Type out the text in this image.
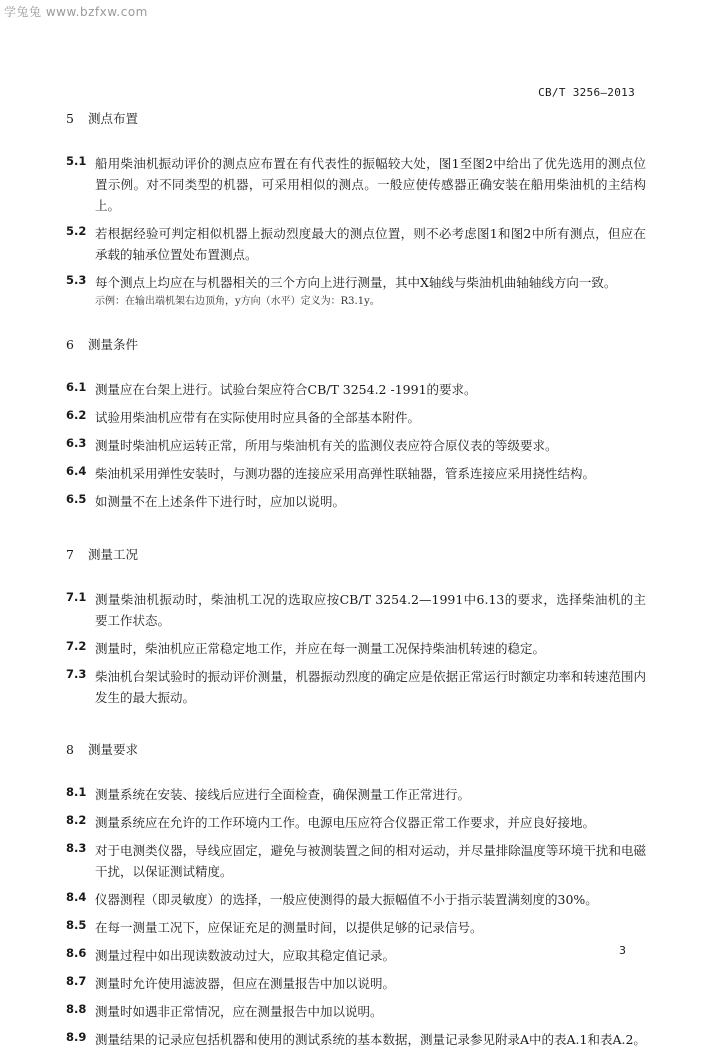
学兔兔 www.bzfxw.com
CB/T 3256—2013
5 测点布置
5.1 船用柴油机振动评价的测点应布置在有代表性的振幅较大处，图1至图2中给出了优先选用的测点位置示例。对不同类型的机器，可采用相似的测点。一般应使传感器正确安装在船用柴油机的主结构上。
5.2 若根据经验可判定相似机器上振动烈度最大的测点位置，则不必考虑图1和图2中所有测点，但应在承载的轴承位置处布置测点。
5.3 每个测点上均应在与机器相关的三个方向上进行测量，其中X轴线与柴油机曲轴轴线方向一致。
示例：在输出端机架右边顶角，y方向（水平）定义为：R3.1y。
6 测量条件
6.1 测量应在台架上进行。试验台架应符合CB/T 3254.2 -1991的要求。
6.2 试验用柴油机应带有在实际使用时应具备的全部基本附件。
6.3 测量时柴油机应运转正常，所用与柴油机有关的监测仪表应符合原仪表的等级要求。
6.4 柴油机采用弹性安装时，与测功器的连接应采用高弹性联轴器，管系连接应采用挠性结构。
6.5 如测量不在上述条件下进行时，应加以说明。
7 测量工况
7.1 测量柴油机振动时，柴油机工况的选取应按CB/T 3254.2—1991中6.13的要求，选择柴油机的主要工作状态。
7.2 测量时，柴油机应正常稳定地工作，并应在每一测量工况保持柴油机转速的稳定。
7.3 柴油机台架试验时的振动评价测量，机器振动烈度的确定应是依据正常运行时额定功率和转速范围内发生的最大振动。
8 测量要求
8.1 测量系统在安装、接线后应进行全面检查，确保测量工作正常进行。
8.2 测量系统应在允许的工作环境内工作。电源电压应符合仪器正常工作要求，并应良好接地。
8.3 对于电测类仪器，导线应固定，避免与被测装置之间的相对运动，并尽量排除温度等环境干扰和电磁干扰，以保证测试精度。
8.4 仪器测程（即灵敏度）的选择，一般应使测得的最大振幅值不小于指示装置满刻度的30%。
8.5 在每一测量工况下，应保证充足的测量时间，以提供足够的记录信号。
8.6 测量过程中如出现读数波动过大，应取其稳定值记录。
8.7 测量时允许使用滤波器，但应在测量报告中加以说明。
8.8 测量时如遇非正常情况，应在测量报告中加以说明。
8.9 测量结果的记录应包括机器和使用的测试系统的基本数据，测量记录参见附录A中的表A.1和表A.2。
3
